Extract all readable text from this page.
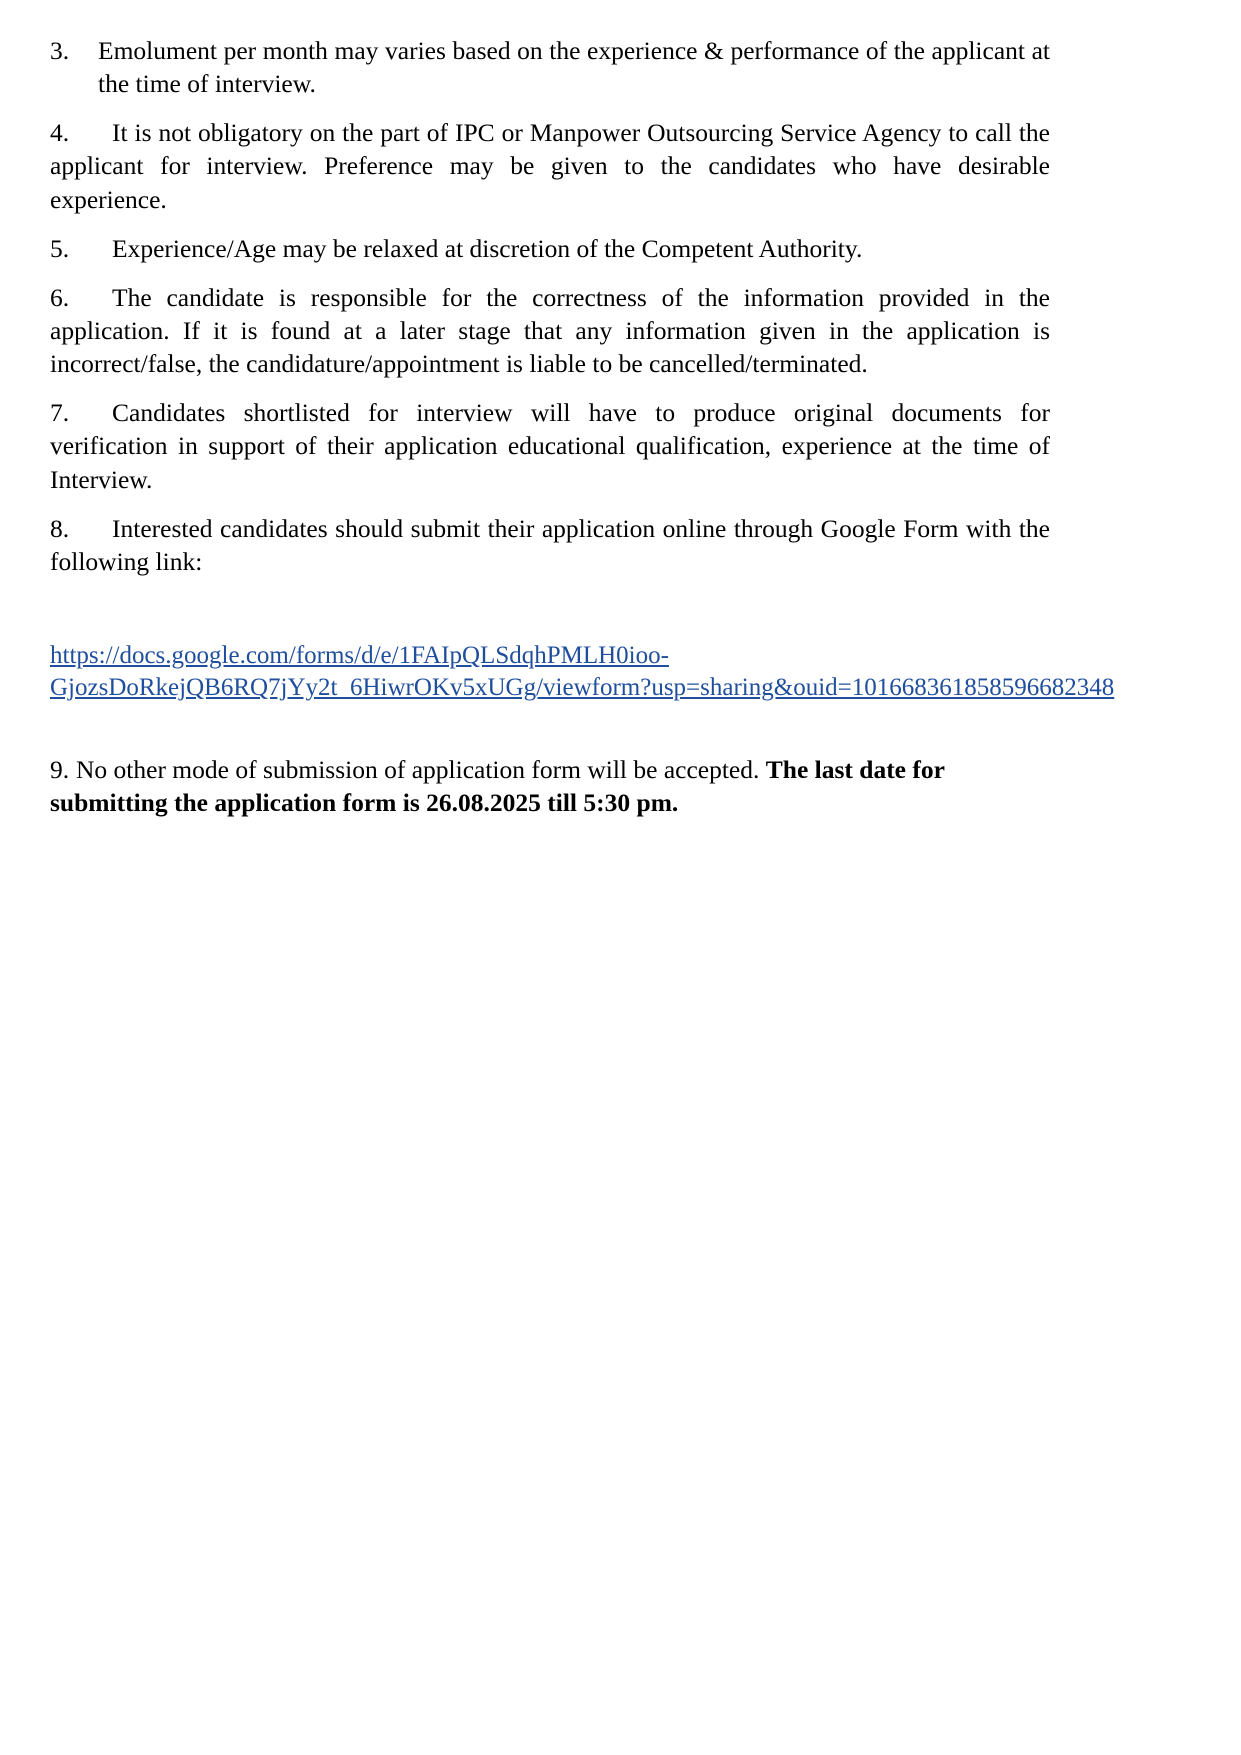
3. Emolument per month may varies based on the experience & performance of the applicant at the time of interview.

4. It is not obligatory on the part of IPC or Manpower Outsourcing Service Agency to call the applicant for interview. Preference may be given to the candidates who have desirable experience.

5. Experience/Age may be relaxed at discretion of the Competent Authority.

6. The candidate is responsible for the correctness of the information provided in the application. If it is found at a later stage that any information given in the application is incorrect/false, the candidature/appointment is liable to be cancelled/terminated.

7. Candidates shortlisted for interview will have to produce original documents for verification in support of their application educational qualification, experience at the time of Interview.

8. Interested candidates should submit their application online through Google Form with the following link:

https://docs.google.com/forms/d/e/1FAIpQLSdqhPMLH0ioo-
GjozsDoRkejQB6RQ7jYy2t_6HiwrOKv5xUGg/viewform?usp=sharing&ouid=101668361858596682348

9. No other mode of submission of application form will be accepted. The last date for submitting the application form is 26.08.2025 till 5:30 pm.
